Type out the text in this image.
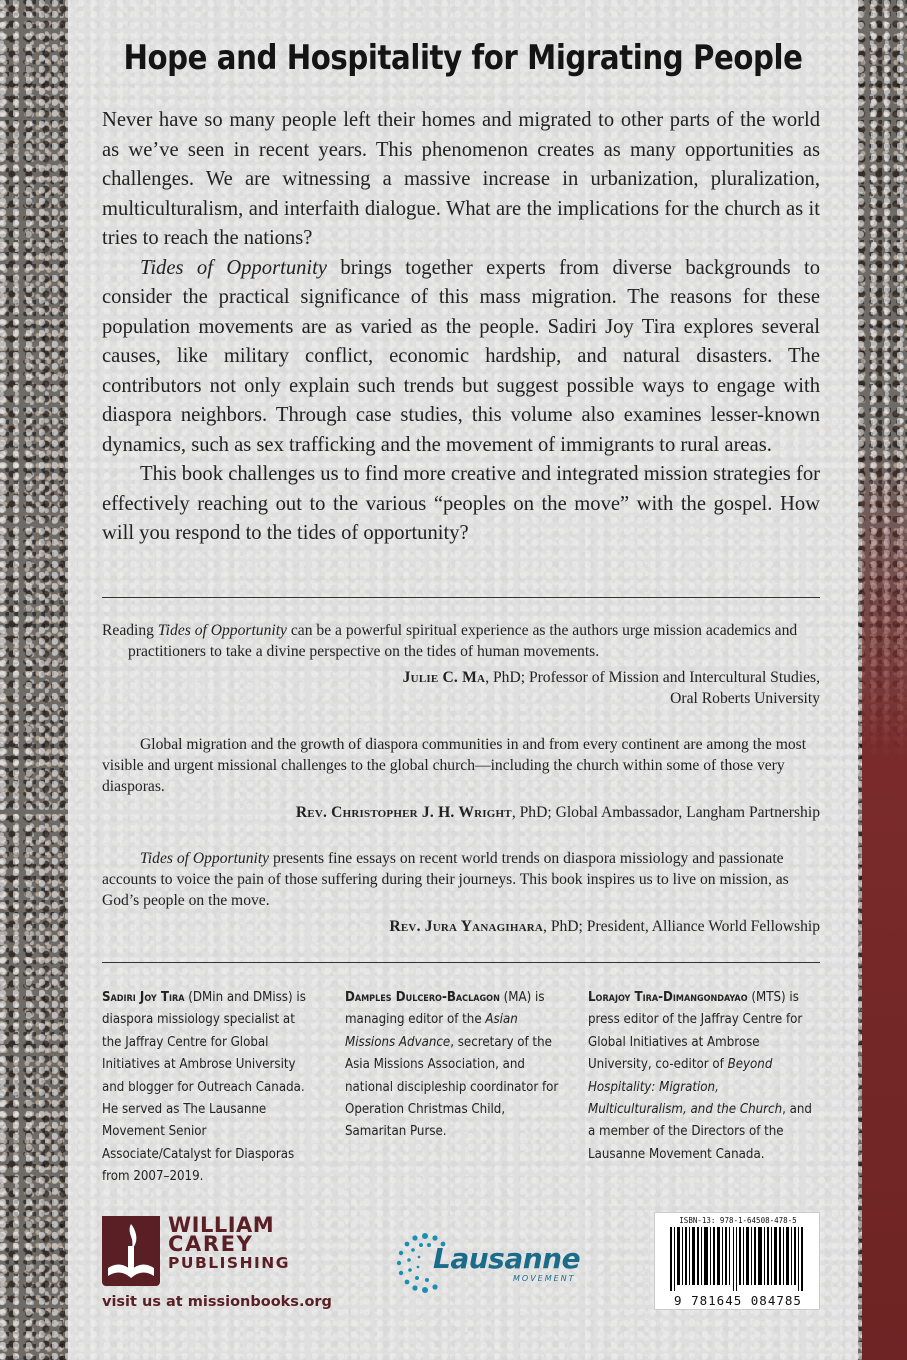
Hope and Hospitality for Migrating People

Never have so many people left their homes and migrated to other parts of the world as we’ve seen in recent years. This phenomenon creates as many opportunities as challenges. We are witnessing a massive increase in urbanization, pluralization, multiculturalism, and interfaith dialogue. What are the implications for the church as it tries to reach the nations?

Tides of Opportunity brings together experts from diverse backgrounds to consider the practical significance of this mass migration. The reasons for these population movements are as varied as the people. Sadiri Joy Tira explores several causes, like military conflict, economic hardship, and natural disasters. The contributors not only explain such trends but suggest possible ways to engage with diaspora neighbors. Through case studies, this volume also examines lesser-known dynamics, such as sex trafficking and the movement of immigrants to rural areas.

This book challenges us to find more creative and integrated mission strategies for effectively reaching out to the various “peoples on the move” with the gospel. How will you respond to the tides of opportunity?

Reading Tides of Opportunity can be a powerful spiritual experience as the authors urge mission academics and practitioners to take a divine perspective on the tides of human movements.

Julie C. Ma, PhD; Professor of Mission and Intercultural Studies,
Oral Roberts University

Global migration and the growth of diaspora communities in and from every continent are among the most visible and urgent missional challenges to the global church—including the church within some of those very diasporas.

Rev. Christopher J. H. Wright, PhD; Global Ambassador, Langham Partnership

Tides of Opportunity presents fine essays on recent world trends on diaspora missiology and passionate accounts to voice the pain of those suffering during their journeys. This book inspires us to live on mission, as God’s people on the move.

Rev. Jura Yanagihara, PhD; President, Alliance World Fellowship

Sadiri Joy Tira (DMin and DMiss) is diaspora missiology specialist at the Jaffray Centre for Global Initiatives at Ambrose University and blogger for Outreach Canada. He served as The Lausanne Movement Senior Associate/Catalyst for Diasporas from 2007–2019.
Damples Dulcero-Baclagon (MA) is managing editor of the Asian Missions Advance, secretary of the Asia Missions Association, and national discipleship coordinator for Operation Christmas Child, Samaritan Purse.
Lorajoy Tira-Dimangondayao (MTS) is press editor of the Jaffray Centre for Global Initiatives at Ambrose University, co-editor of Beyond Hospitality: Migration, Multiculturalism, and the Church, and a member of the Directors of the Lausanne Movement Canada.
WILLIAM
CAREY
PUBLISHING
visit us at missionbooks.org
Lausanne
MOVEMENT
ISBN-13: 978-1-64508-478-5
9 781645 084785
